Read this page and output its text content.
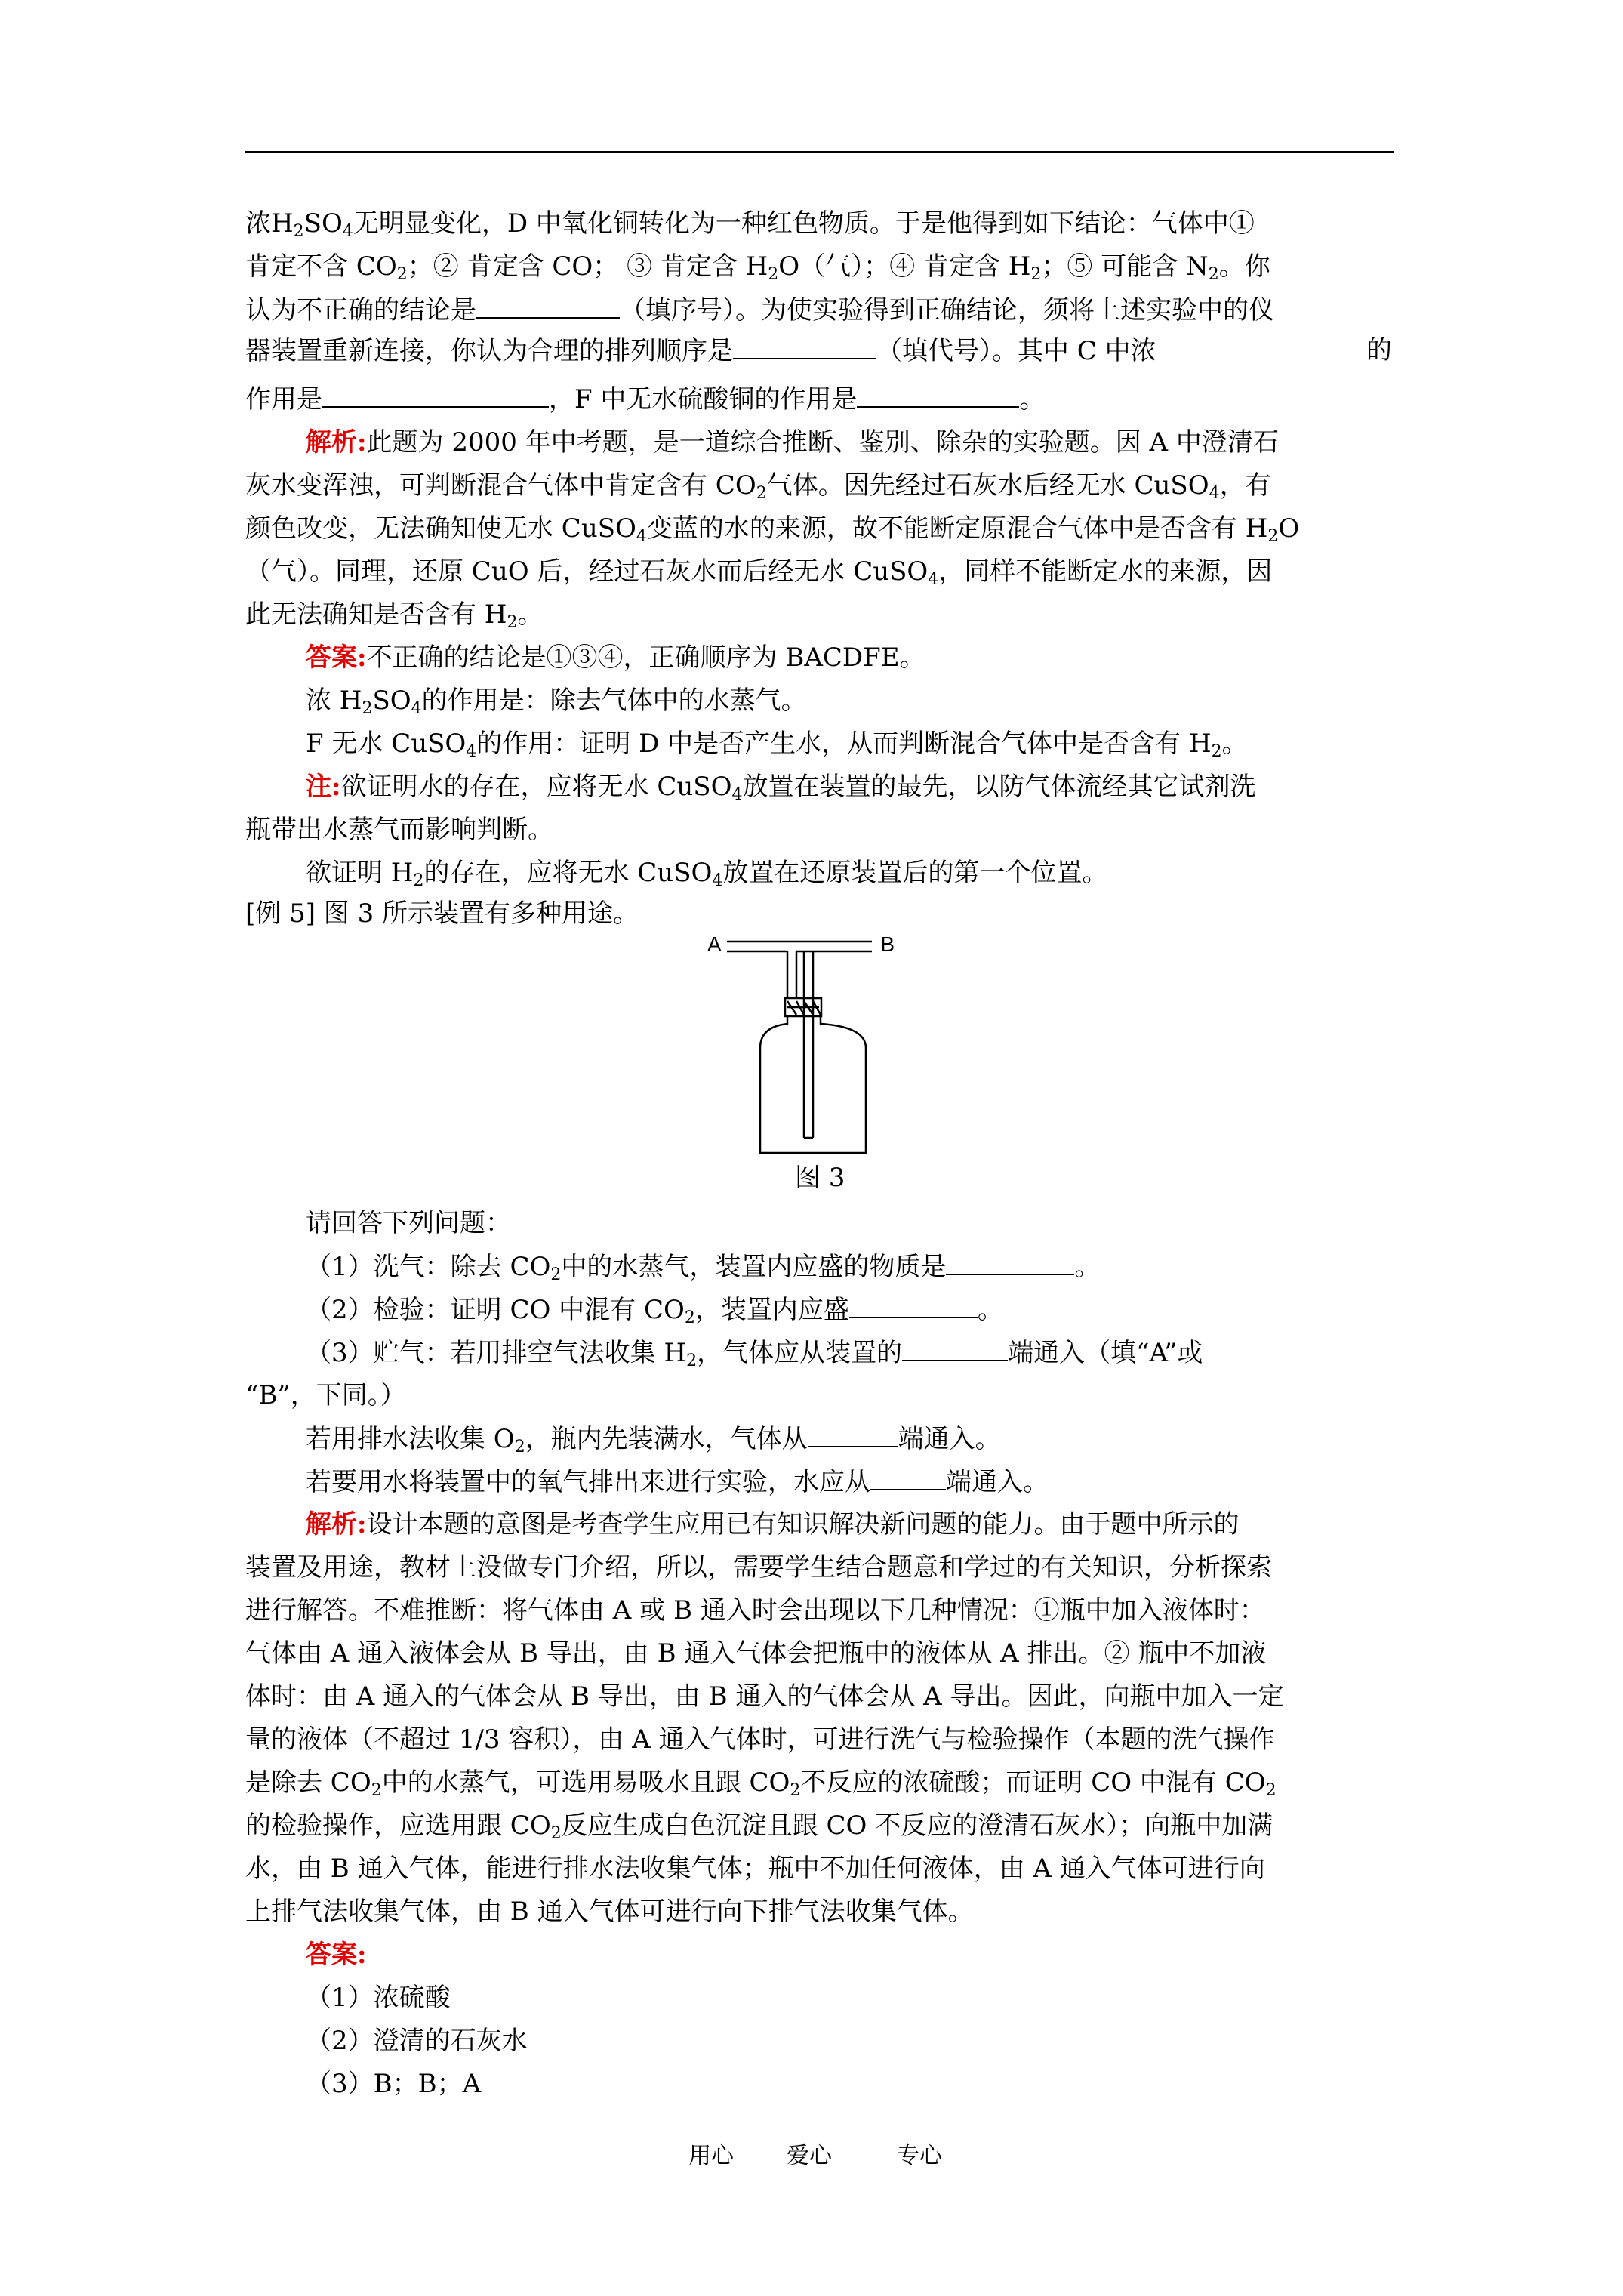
浓$H_2SO_4$无明显变化，D 中氧化铜转化为一种红色物质。于是他得到如下结论：气体中①
肯定不含 $CO_2$；② 肯定含 CO； ③ 肯定含 $H_2O$（气）；④ 肯定含 $H_2$；⑤ 可能含 $N_2$。你
认为不正确的结论是	（填序号）。为使实验得到正确结论，须将上述实验中的仪
器装置重新连接，你认为合理的排列顺序是	（填代号）。其中 C 中浓	的
作用是	，F 中无水硫酸铜的作用是	。
解析:此题为 2000 年中考题，是一道综合推断、鉴别、除杂的实验题。因 A 中澄清石
灰水变浑浊，可判断混合气体中肯定含有 $CO_2$气体。因先经过石灰水后经无水 CuSO$_4$，有
颜色改变，无法确知使无水 CuSO$_4$变蓝的水的来源，故不能断定原混合气体中是否含有 $H_2O$
（气）。同理，还原 CuO 后，经过石灰水而后经无水 CuSO$_4$，同样不能断定水的来源，因
此无法确知是否含有 $H_2$。
答案:不正确的结论是①③④，正确顺序为 BACDFE。
浓 $H_2SO_4$的作用是：除去气体中的水蒸气。
F 无水 CuSO$_4$的作用：证明 D 中是否产生水，从而判断混合气体中是否含有 $H_2$。
注:欲证明水的存在，应将无水 CuSO$_4$放置在装置的最先，以防气体流经其它试剂洗
瓶带出水蒸气而影响判断。
欲证明 $H_2$的存在，应将无水 CuSO$_4$放置在还原装置后的第一个位置。
[例 5] 图 3 所示装置有多种用途。
A	B
图 3
请回答下列问题：
（1）洗气：除去 $CO_2$中的水蒸气，装置内应盛的物质是	。
（2）检验：证明 CO 中混有 $CO_2$，装置内应盛	。
（3）贮气：若用排空气法收集 $H_2$，气体应从装置的	端通入（填“A”或
“B”，下同。）
若用排水法收集 $O_2$，瓶内先装满水，气体从	端通入。
若要用水将装置中的氧气排出来进行实验，水应从	端通入。
解析:设计本题的意图是考查学生应用已有知识解决新问题的能力。由于题中所示的
装置及用途，教材上没做专门介绍，所以，需要学生结合题意和学过的有关知识，分析探索
进行解答。不难推断：将气体由 A 或 B 通入时会出现以下几种情况：①瓶中加入液体时：
气体由 A 通入液体会从 B 导出，由 B 通入气体会把瓶中的液体从 A 排出。② 瓶中不加液
体时：由 A 通入的气体会从 B 导出，由 B 通入的气体会从 A 导出。因此，向瓶中加入一定
量的液体（不超过 1/3 容积），由 A 通入气体时，可进行洗气与检验操作（本题的洗气操作
是除去 $CO_2$中的水蒸气，可选用易吸水且跟 $CO_2$不反应的浓硫酸；而证明 CO 中混有 $CO_2$
的检验操作，应选用跟 $CO_2$反应生成白色沉淀且跟 CO 不反应的澄清石灰水）；向瓶中加满
水，由 B 通入气体，能进行排水法收集气体；瓶中不加任何液体，由 A 通入气体可进行向
上排气法收集气体，由 B 通入气体可进行向下排气法收集气体。
答案:
（1）浓硫酸
（2）澄清的石灰水
（3）B；B；A
用心 爱心	专心
